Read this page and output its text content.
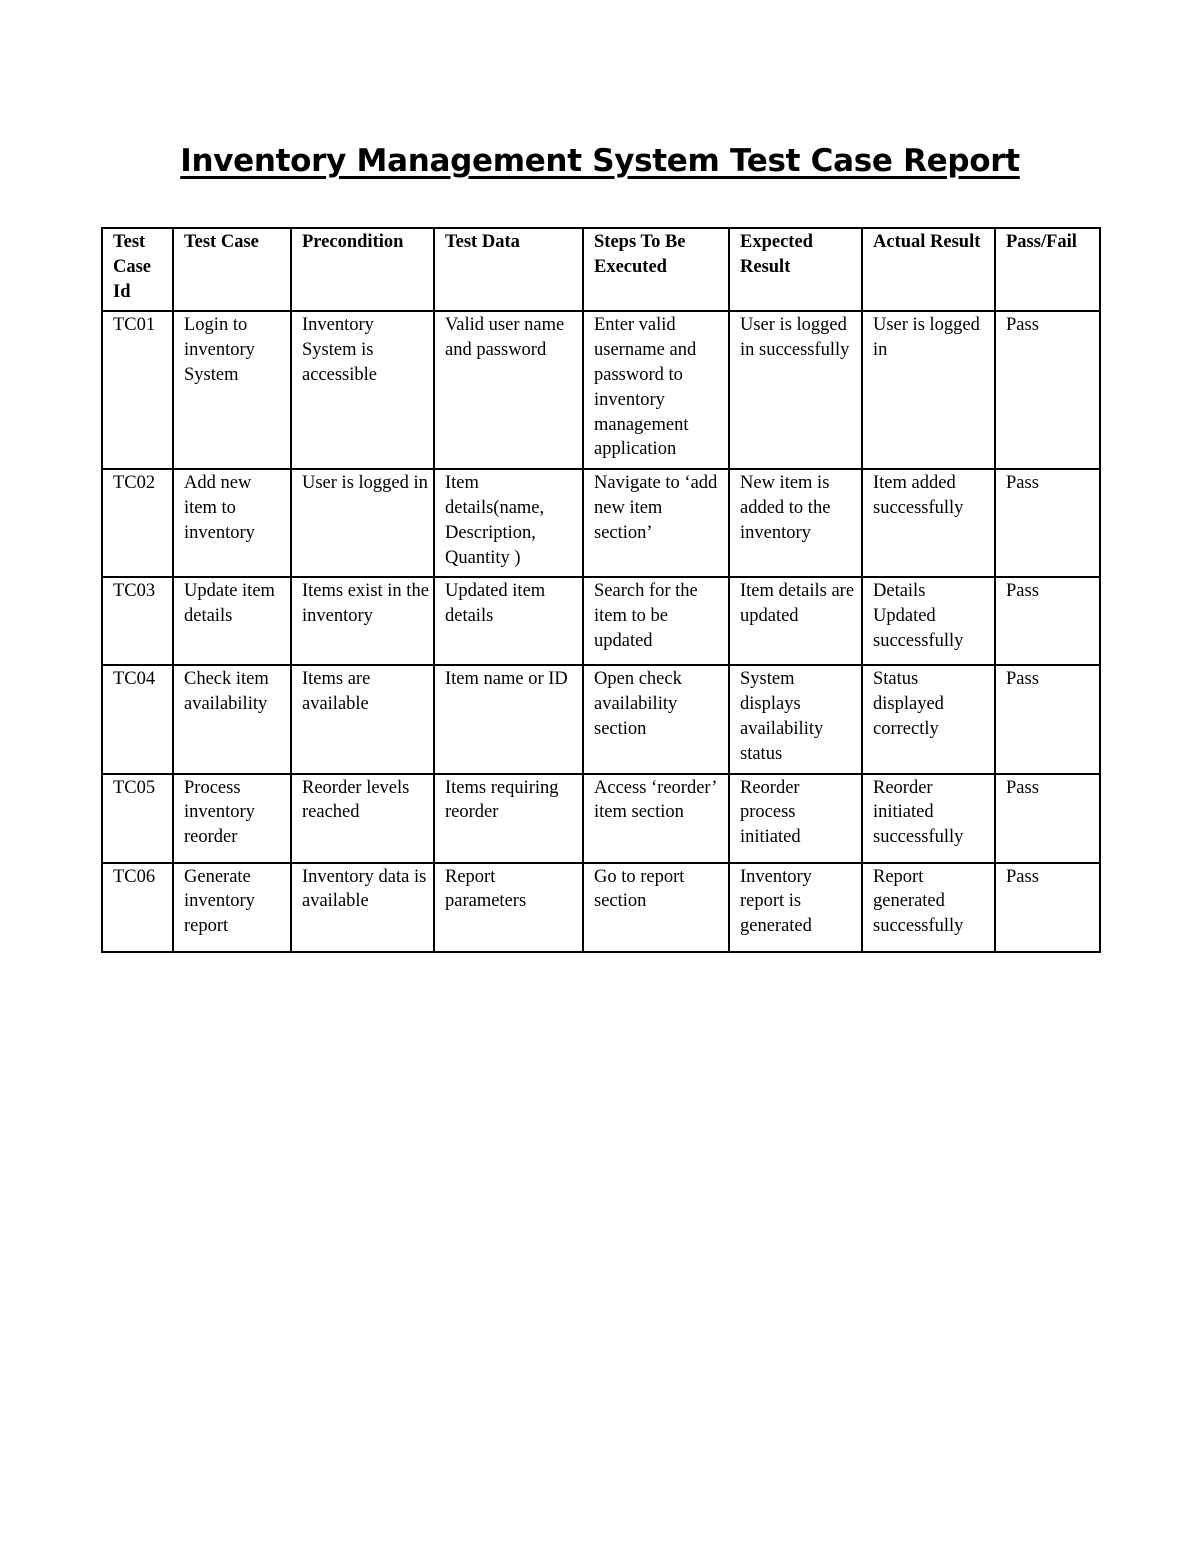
Inventory Management System Test Case Report
Test Case Id	Test Case	Precondition	Test Data	Steps To Be Executed	Expected Result	Actual Result	Pass/Fail
TC01	Login to inventory System	Inventory System is accessible	Valid user name and password	Enter valid username and password to inventory management application	User is logged in successfully	User is logged in	Pass
TC02	Add new item to inventory	User is logged in	Item details(name, Description, Quantity )	Navigate to ‘add new item section’	New item is added to the inventory	Item added successfully	Pass
TC03	Update item details	Items exist in the inventory	Updated item details	Search for the item to be updated	Item details are updated	Details Updated successfully	Pass
TC04	Check item availability	Items are available	Item name or ID	Open check availability section	System displays availability status	Status displayed correctly	Pass
TC05	Process inventory reorder	Reorder levels reached	Items requiring reorder	Access ‘reorder’ item section	Reorder process initiated	Reorder initiated successfully	Pass
TC06	Generate inventory report	Inventory data is available	Report parameters	Go to report section	Inventory report is generated	Report generated successfully	Pass
